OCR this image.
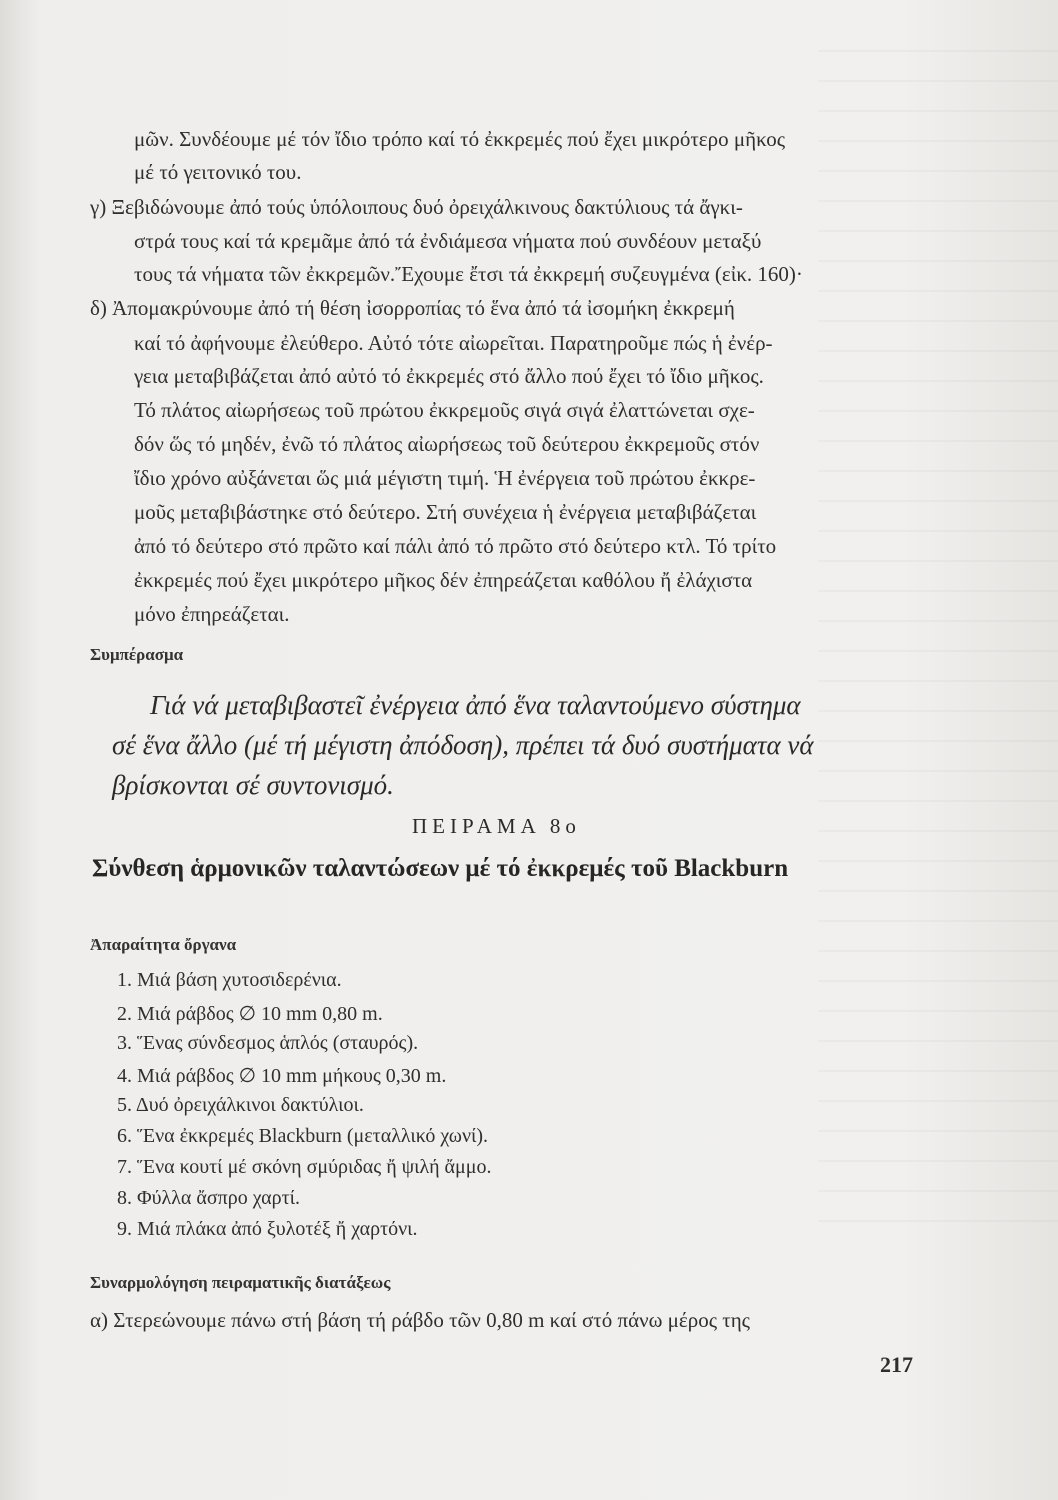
μῶν. Συνδέουμε μέ τόν ἴδιο τρόπο καί τό ἐκκρεμές πού ἔχει μικρότερο μῆκος
μέ τό γειτονικό του.
γ) Ξεβιδώνουμε ἀπό τούς ὑπόλοιπους δυό ὀρειχάλκινους δακτύλιους τά ἄγκι-
στρά τους καί τά κρεμᾶμε ἀπό τά ἐνδιάμεσα νήματα πού συνδέουν μεταξύ
τους τά νήματα τῶν ἐκκρεμῶν.Ἔχουμε ἔτσι τά ἐκκρεμή συζευγμένα (εἰκ. 160)·
δ) Ἀπομακρύνουμε ἀπό τή θέση ἰσορροπίας τό ἕνα ἀπό τά ἰσομήκη ἐκκρεμή
καί τό ἀφήνουμε ἐλεύθερο. Αὐτό τότε αἰωρεῖται. Παρατηροῦμε πώς ἡ ἐνέρ-
γεια μεταβιβάζεται ἀπό αὐτό τό ἐκκρεμές στό ἄλλο πού ἔχει τό ἴδιο μῆκος.
Τό πλάτος αἰωρήσεως τοῦ πρώτου ἐκκρεμοῦς σιγά σιγά ἐλαττώνεται σχε-
δόν ὥς τό μηδέν, ἐνῶ τό πλάτος αἰωρήσεως τοῦ δεύτερου ἐκκρεμοῦς στόν
ἴδιο χρόνο αὐξάνεται ὥς μιά μέγιστη τιμή. Ἡ ἐνέργεια τοῦ πρώτου ἐκκρε-
μοῦς μεταβιβάστηκε στό δεύτερο. Στή συνέχεια ἡ ἐνέργεια μεταβιβάζεται
ἀπό τό δεύτερο στό πρῶτο καί πάλι ἀπό τό πρῶτο στό δεύτερο κτλ. Τό τρίτο
ἐκκρεμές πού ἔχει μικρότερο μῆκος δέν ἐπηρεάζεται καθόλου ἤ ἐλάχιστα
μόνο ἐπηρεάζεται.
Συμπέρασμα
Γιά νά μεταβιβαστεῖ ἐνέργεια ἀπό ἕνα ταλαντούμενο σύστημα
σέ ἕνα ἄλλο (μέ τή μέγιστη ἀπόδοση), πρέπει τά δυό συστήματα νά
βρίσκονται σέ συντονισμό.
ΠΕΙΡΑΜΑ 8ο
Σύνθεση ἁρμονικῶν ταλαντώσεων μέ τό ἐκκρεμές τοῦ Blackburn
Ἀπαραίτητα ὄργανα
1. Μιά βάση χυτοσιδερένια.
2. Μιά ράβδος ∅ 10 mm 0,80 m.
3. Ἕνας σύνδεσμος ἁπλός (σταυρός).
4. Μιά ράβδος ∅ 10 mm μήκους 0,30 m.
5. Δυό ὀρειχάλκινοι δακτύλιοι.
6. Ἕνα ἐκκρεμές Blackburn (μεταλλικό χωνί).
7. Ἕνα κουτί μέ σκόνη σμύριδας ἤ ψιλή ἄμμο.
8. Φύλλα ἄσπρο χαρτί.
9. Μιά πλάκα ἀπό ξυλοτέξ ἤ χαρτόνι.
Συναρμολόγηση πειραματικῆς διατάξεως
α) Στερεώνουμε πάνω στή βάση τή ράβδο τῶν 0,80 m καί στό πάνω μέρος της
217
